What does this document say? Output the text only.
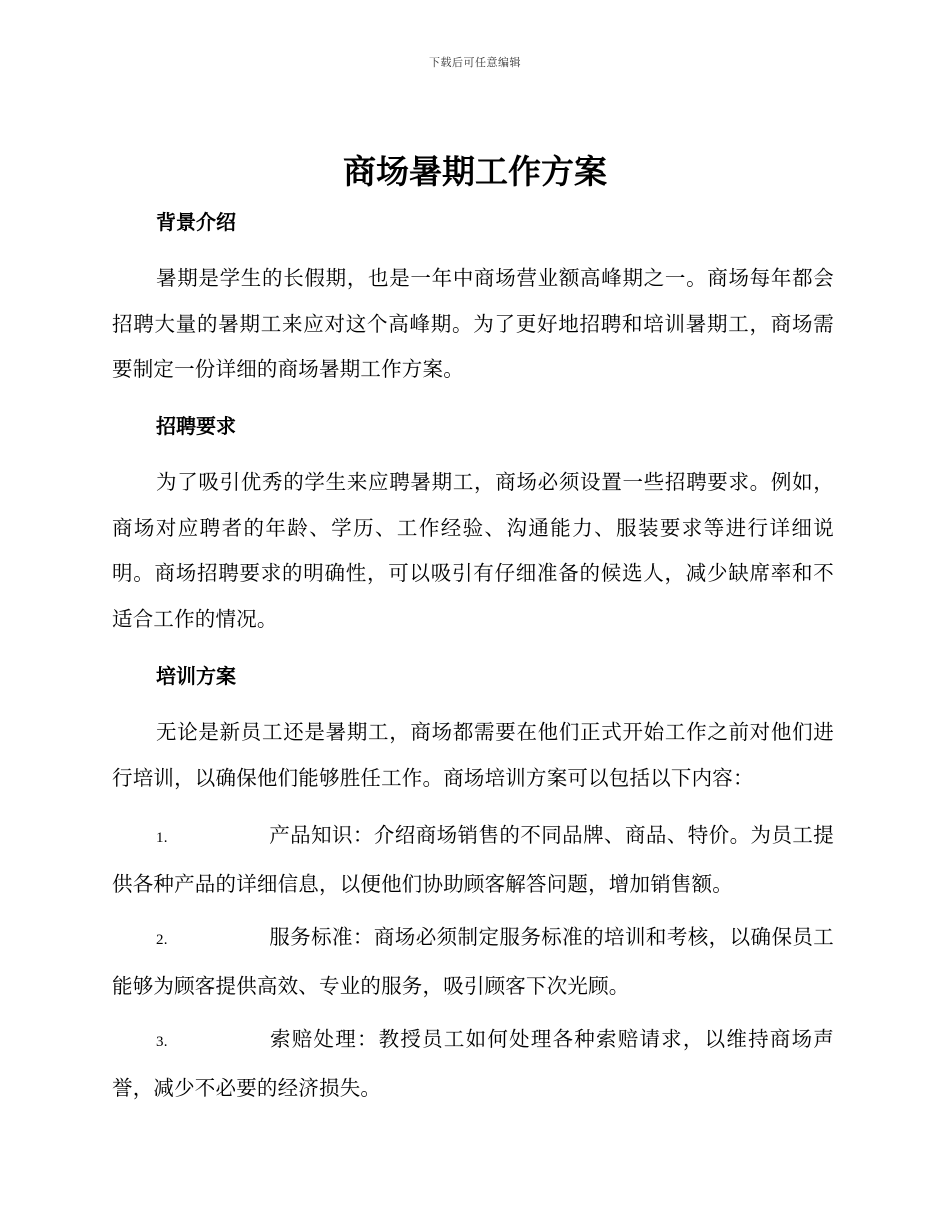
下载后可任意编辑
商场暑期工作方案
背景介绍

暑期是学生的长假期，也是一年中商场营业额高峰期之一。商场每年都会招聘大量的暑期工来应对这个高峰期。为了更好地招聘和培训暑期工，商场需要制定一份详细的商场暑期工作方案。

招聘要求

为了吸引优秀的学生来应聘暑期工，商场必须设置一些招聘要求。例如，商场对应聘者的年龄、学历、工作经验、沟通能力、服装要求等进行详细说明。商场招聘要求的明确性，可以吸引有仔细准备的候选人，减少缺席率和不适合工作的情况。

培训方案

无论是新员工还是暑期工，商场都需要在他们正式开始工作之前对他们进行培训，以确保他们能够胜任工作。商场培训方案可以包括以下内容：

1.	产品知识：介绍商场销售的不同品牌、商品、特价。为员工提供各种产品的详细信息，以便他们协助顾客解答问题，增加销售额。

2.	服务标准：商场必须制定服务标准的培训和考核，以确保员工能够为顾客提供高效、专业的服务，吸引顾客下次光顾。

3.	索赔处理：教授员工如何处理各种索赔请求，以维持商场声誉，减少不必要的经济损失。
